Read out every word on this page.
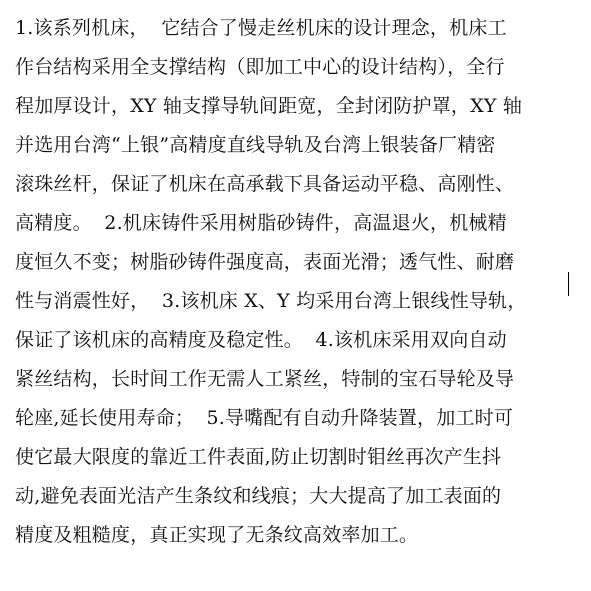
1.该系列机床，  它结合了慢走丝机床的设计理念，机床工
作台结构采用全支撑结构（即加工中心的设计结构），全行
程加厚设计，XY 轴支撑导轨间距宽，全封闭防护罩，XY 轴
并选用台湾“上银”高精度直线导轨及台湾上银装备厂精密
滚珠丝杆，保证了机床在高承载下具备运动平稳、高刚性、
高精度。  2.机床铸件采用树脂砂铸件，高温退火，机械精
度恒久不变；树脂砂铸件强度高，表面光滑；透气性、耐磨
性与消震性好，  3.该机床 X、Y 均采用台湾上银线性导轨，
保证了该机床的高精度及稳定性。  4.该机床采用双向自动
紧丝结构，长时间工作无需人工紧丝，特制的宝石导轮及导
轮座,延长使用寿命；  5.导嘴配有自动升降装置，加工时可
使它最大限度的靠近工件表面,防止切割时钼丝再次产生抖
动,避免表面光洁产生条纹和线痕；大大提高了加工表面的
精度及粗糙度，真正实现了无条纹高效率加工。
